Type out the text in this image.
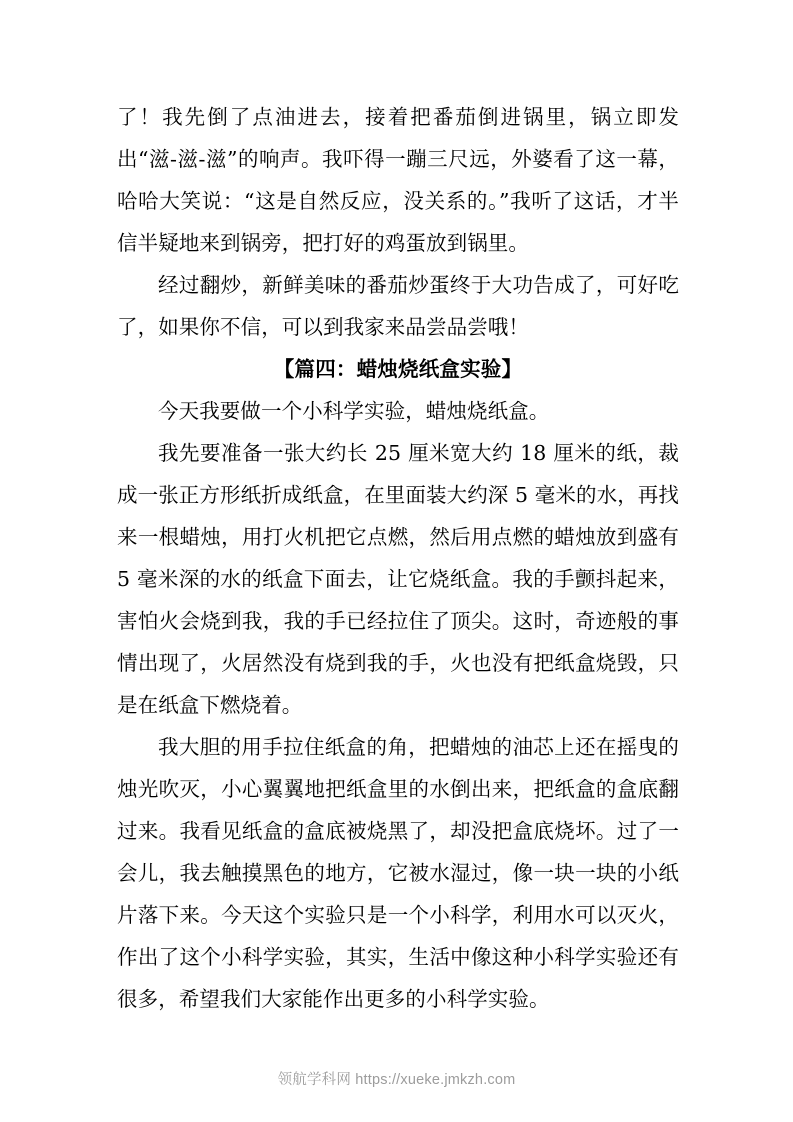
了！我先倒了点油进去，接着把番茄倒进锅里，锅立即发出“滋-滋-滋”的响声。我吓得一蹦三尺远，外婆看了这一幕，哈哈大笑说：“这是自然反应，没关系的。”我听了这话，才半信半疑地来到锅旁，把打好的鸡蛋放到锅里。

经过翻炒，新鲜美味的番茄炒蛋终于大功告成了，可好吃了，如果你不信，可以到我家来品尝品尝哦！

【篇四：蜡烛烧纸盒实验】

今天我要做一个小科学实验，蜡烛烧纸盒。

我先要准备一张大约长 25 厘米宽大约 18 厘米的纸，裁成一张正方形纸折成纸盒，在里面装大约深 5 毫米的水，再找来一根蜡烛，用打火机把它点燃，然后用点燃的蜡烛放到盛有 5 毫米深的水的纸盒下面去，让它烧纸盒。我的手颤抖起来，害怕火会烧到我，我的手已经拉住了顶尖。这时，奇迹般的事情出现了，火居然没有烧到我的手，火也没有把纸盒烧毁，只是在纸盒下燃烧着。

我大胆的用手拉住纸盒的角，把蜡烛的油芯上还在摇曳的烛光吹灭，小心翼翼地把纸盒里的水倒出来，把纸盒的盒底翻过来。我看见纸盒的盒底被烧黑了，却没把盒底烧坏。过了一会儿，我去触摸黑色的地方，它被水湿过，像一块一块的小纸片落下来。今天这个实验只是一个小科学，利用水可以灭火，作出了这个小科学实验，其实，生活中像这种小科学实验还有很多，希望我们大家能作出更多的小科学实验。

领航学科网 https://xueke.jmkzh.com
